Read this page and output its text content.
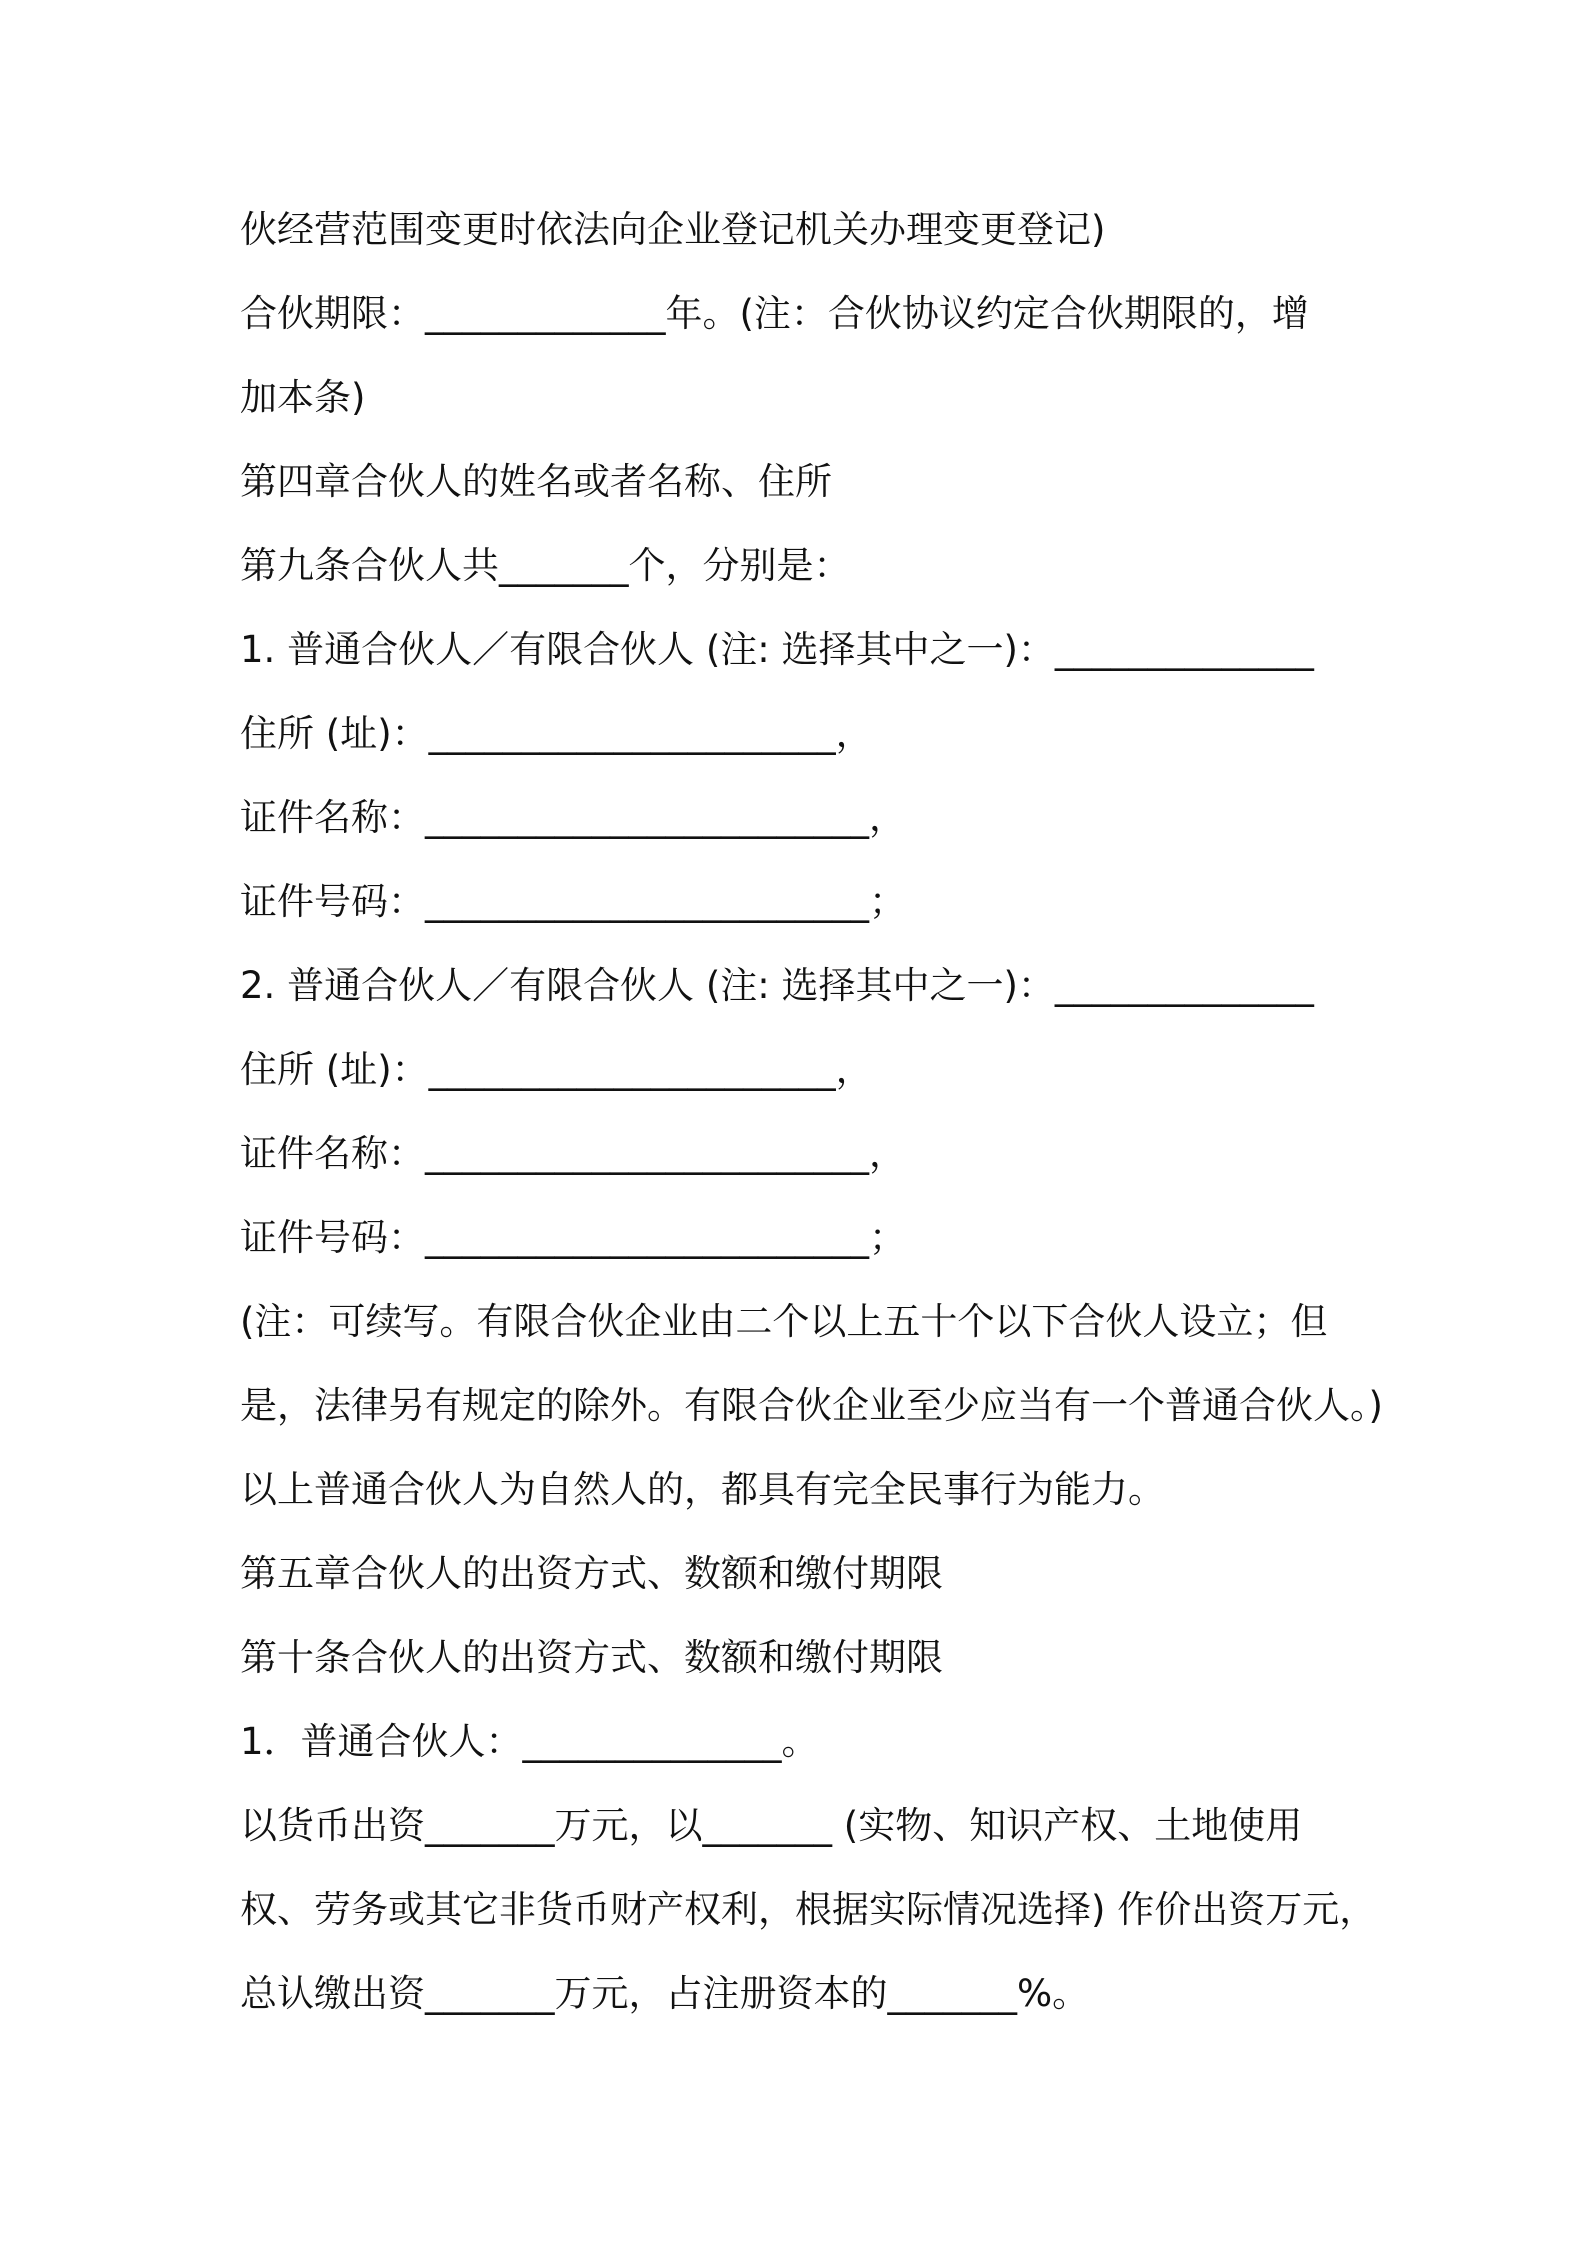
伙经营范围变更时依法向企业登记机关办理变更登记)
合伙期限：_____________年。(注：合伙协议约定合伙期限的，增
加本条)
第四章合伙人的姓名或者名称、住所
第九条合伙人共_______个，分别是：
1. 普通合伙人／有限合伙人 (注: 选择其中之一)：______________
住所 (址)：______________________，
证件名称：________________________，
证件号码：________________________；
2. 普通合伙人／有限合伙人 (注: 选择其中之一)：______________
住所 (址)：______________________，
证件名称：________________________，
证件号码：________________________；
(注：可续写。有限合伙企业由二个以上五十个以下合伙人设立；但
是，法律另有规定的除外。有限合伙企业至少应当有一个普通合伙人。)
以上普通合伙人为自然人的，都具有完全民事行为能力。
第五章合伙人的出资方式、数额和缴付期限
第十条合伙人的出资方式、数额和缴付期限
1．普通合伙人：______________。
以货币出资_______万元，以_______ (实物、知识产权、土地使用
权、劳务或其它非货币财产权利，根据实际情况选择) 作价出资万元，
总认缴出资_______万元，占注册资本的_______%。
